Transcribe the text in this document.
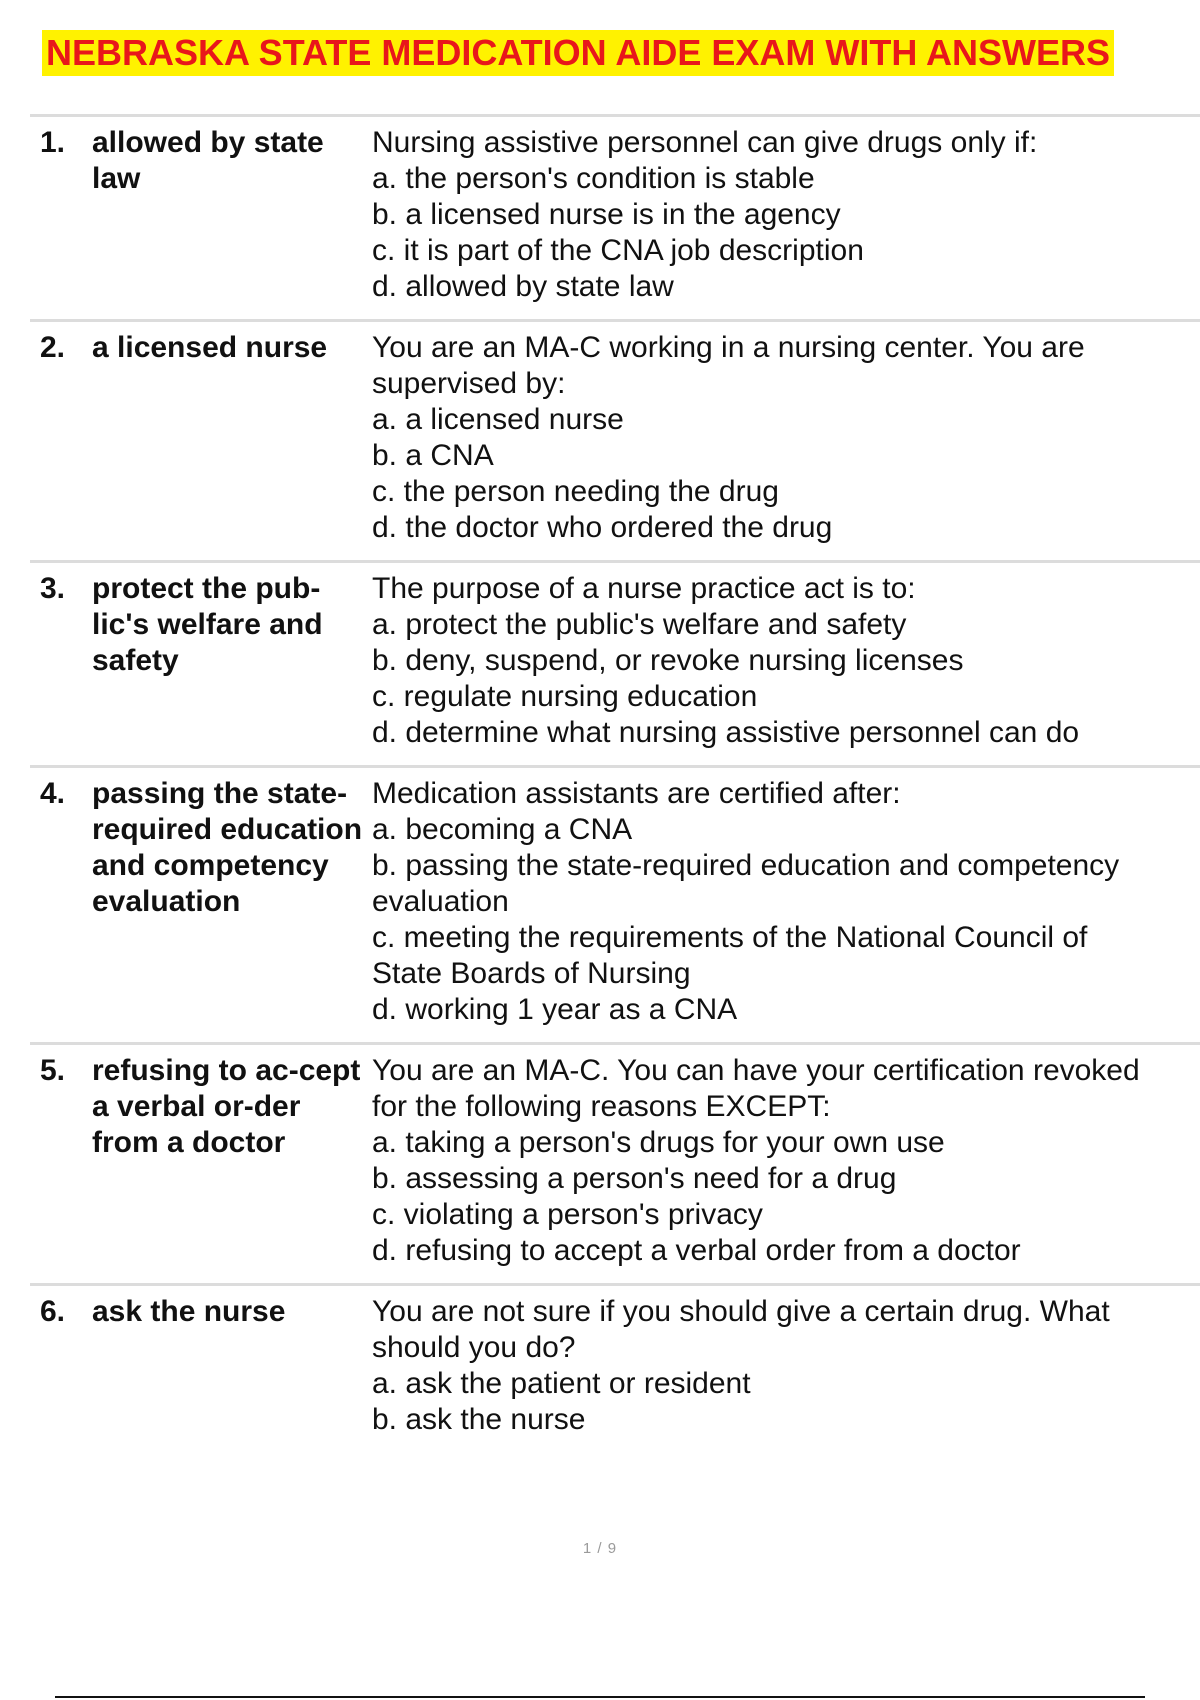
NEBRASKA STATE MEDICATION AIDE EXAM WITH ANSWERS
1. allowed by state law
Nursing assistive personnel can give drugs only if:
a. the person's condition is stable
b. a licensed nurse is in the agency
c. it is part of the CNA job description
d. allowed by state law
2. a licensed nurse	You are an MA-C working in a nursing center. You are
supervised by:
a. a licensed nurse
b. a CNA
c. the person needing the drug
d. the doctor who ordered the drug
3. protect the pub-lic's welfare and safety
The purpose of a nurse practice act is to:
a. protect the public's welfare and safety
b. deny, suspend, or revoke nursing licenses
c. regulate nursing education
d. determine what nursing assistive personnel can do
4. passing the state-required education and competency evaluation
Medication assistants are certified after:
a. becoming a CNA
b. passing the state-required education and competency
evaluation
c. meeting the requirements of the National Council of
State Boards of Nursing
d. working 1 year as a CNA
5. refusing to ac-cept a verbal or-der from a doctor
You are an MA-C. You can have your certification revoked
for the following reasons EXCEPT:
a. taking a person's drugs for your own use
b. assessing a person's need for a drug
c. violating a person's privacy
d. refusing to accept a verbal order from a doctor
6. ask the nurse	You are not sure if you should give a certain drug. What
should you do?
a. ask the patient or resident
b. ask the nurse
1 / 9
